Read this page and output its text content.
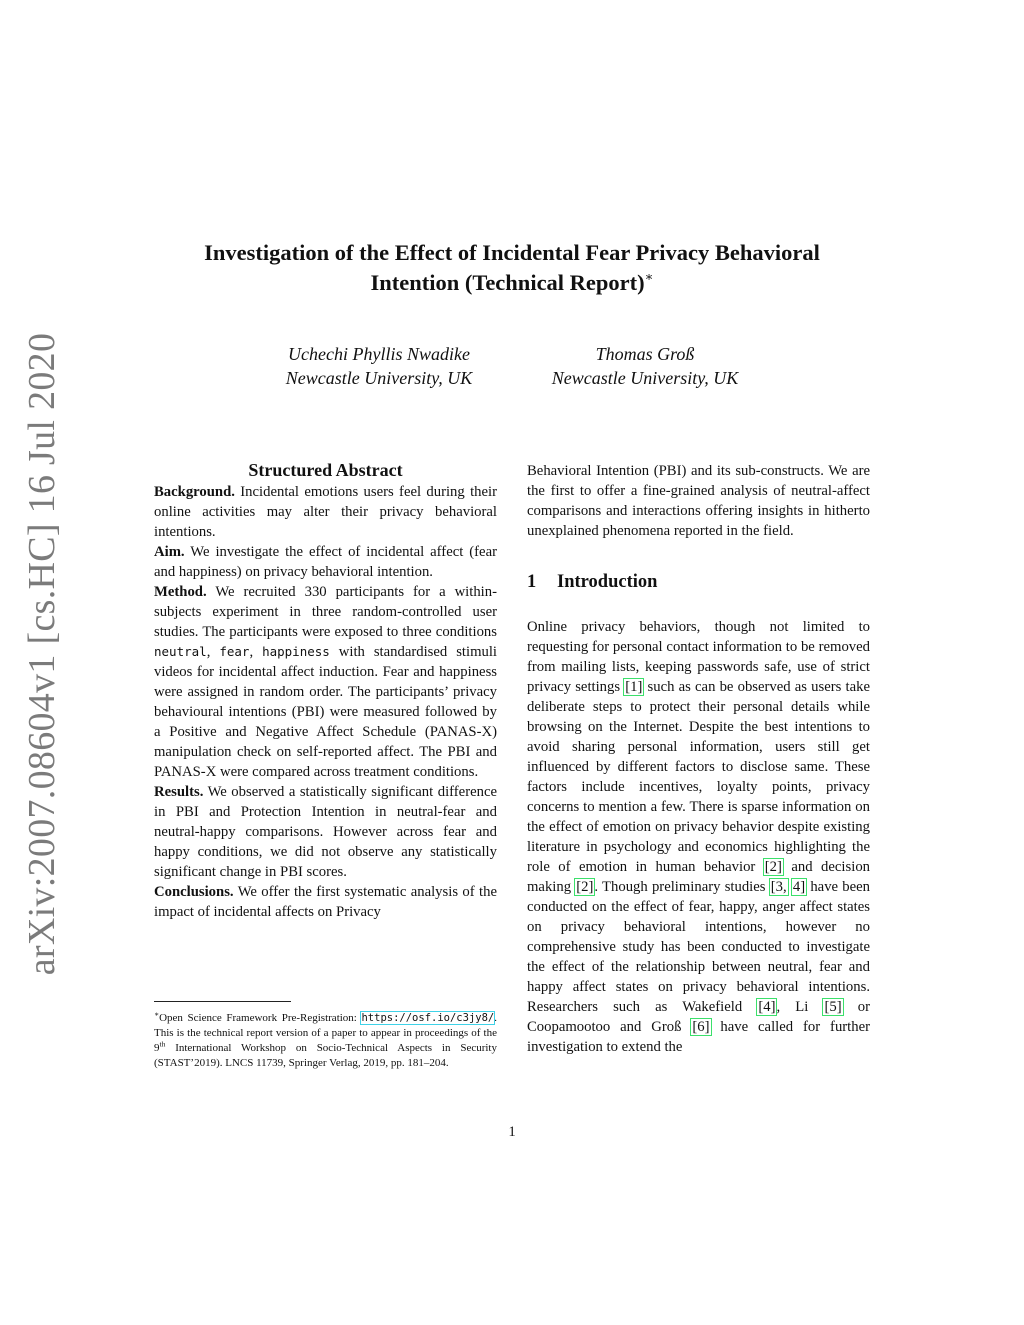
arXiv:2007.08604v1 [cs.HC] 16 Jul 2020
Investigation of the Effect of Incidental Fear Privacy Behavioral
Intention (Technical Report)∗
Uchechi Phyllis Nwadike
Newcastle University, UK
Thomas Groß
Newcastle University, UK
Structured Abstract

Background. Incidental emotions users feel during their online activities may alter their privacy behavioral intentions.

Aim. We investigate the effect of incidental affect (fear and happiness) on privacy behavioral intention.

Method. We recruited 330 participants for a within-subjects experiment in three random-controlled user studies. The participants were exposed to three conditions neutral, fear, happiness with standardised stimuli videos for incidental affect induction. Fear and happiness were assigned in random order. The participants’ privacy behavioural intentions (PBI) were measured followed by a Positive and Negative Affect Schedule (PANAS-X) manipulation check on self-reported affect. The PBI and PANAS-X were compared across treatment conditions.

Results. We observed a statistically significant difference in PBI and Protection Intention in neutral-fear and neutral-happy comparisons. However across fear and happy conditions, we did not observe any statistically significant change in PBI scores.

Conclusions. We offer the first systematic analysis of the impact of incidental affects on Privacy

∗Open Science Framework Pre-Registration: https://osf.io/c3jy8/. This is the technical report version of a paper to appear in proceedings of the 9th International Workshop on Socio-Technical Aspects in Security (STAST’2019). LNCS 11739, Springer Verlag, 2019, pp. 181–204.

Behavioral Intention (PBI) and its sub-constructs. We are the first to offer a fine-grained analysis of neutral-affect comparisons and interactions offering insights in hitherto unexplained phenomena reported in the field.

1 Introduction

Online privacy behaviors, though not limited to requesting for personal contact information to be removed from mailing lists, keeping passwords safe, use of strict privacy settings [1] such as can be observed as users take deliberate steps to protect their personal details while browsing on the Internet. Despite the best intentions to avoid sharing personal information, users still get influenced by different factors to disclose same. These factors include incentives, loyalty points, privacy concerns to mention a few. There is sparse information on the effect of emotion on privacy behavior despite existing literature in psychology and economics highlighting the role of emotion in human behavior [2] and decision making [2]. Though preliminary studies [3, 4] have been conducted on the effect of fear, happy, anger affect states on privacy behavioral intentions, however no comprehensive study has been conducted to investigate the effect of the relationship between neutral, fear and happy affect states on privacy behavioral intentions. Researchers such as Wakefield [4], Li [5] or Coopamootoo and Groß [6] have called for further investigation to extend the

1
